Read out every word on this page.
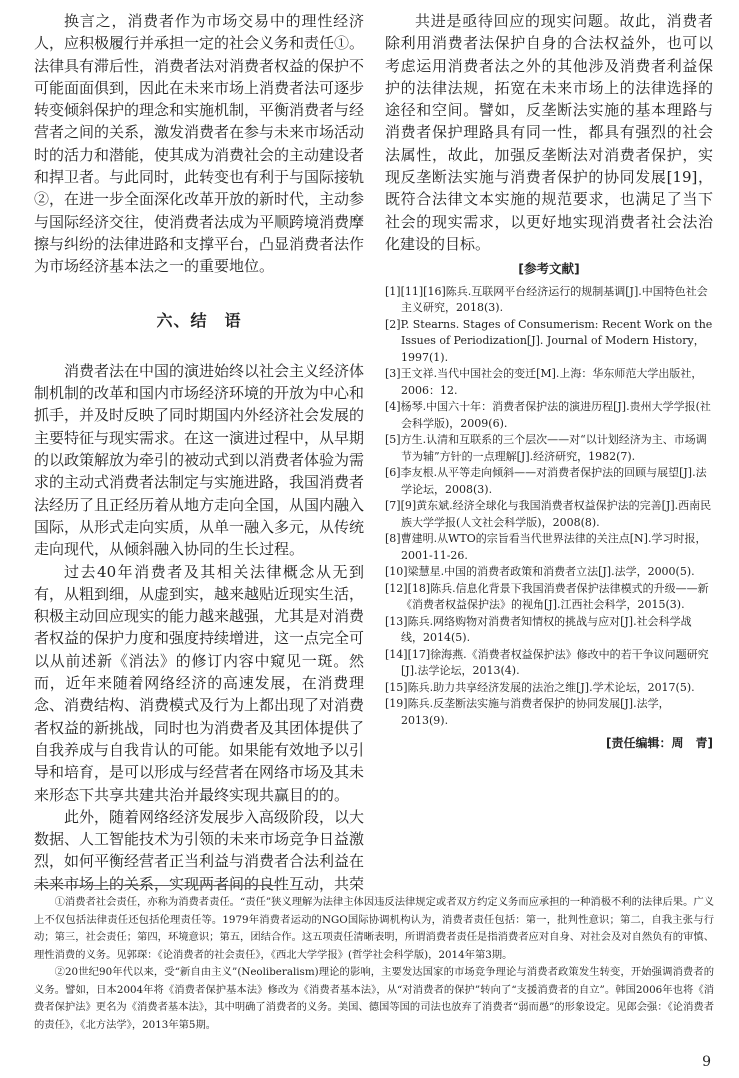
换言之，消费者作为市场交易中的理性经济人，应积极履行并承担一定的社会义务和责任①。法律具有滞后性，消费者法对消费者权益的保护不可能面面俱到，因此在未来市场上消费者法可逐步转变倾斜保护的理念和实施机制，平衡消费者与经营者之间的关系，激发消费者在参与未来市场活动时的活力和潜能，使其成为消费社会的主动建设者和捍卫者。与此同时，此转变也有利于与国际接轨②，在进一步全面深化改革开放的新时代，主动参与国际经济交往，使消费者法成为平顺跨境消费摩擦与纠纷的法律进路和支撑平台，凸显消费者法作为市场经济基本法之一的重要地位。

六、结　语

消费者法在中国的演进始终以社会主义经济体制机制的改革和国内市场经济环境的开放为中心和抓手，并及时反映了同时期国内外经济社会发展的主要特征与现实需求。在这一演进过程中，从早期的以政策解放为牵引的被动式到以消费者体验为需求的主动式消费者法制定与实施进路，我国消费者法经历了且正经历着从地方走向全国，从国内融入国际，从形式走向实质，从单一融入多元，从传统走向现代，从倾斜融入协同的生长过程。

过去40年消费者及其相关法律概念从无到有，从粗到细，从虚到实，越来越贴近现实生活，积极主动回应现实的能力越来越强，尤其是对消费者权益的保护力度和强度持续增进，这一点完全可以从前述新《消法》的修订内容中窥见一斑。然而，近年来随着网络经济的高速发展，在消费理念、消费结构、消费模式及行为上都出现了对消费者权益的新挑战，同时也为消费者及其团体提供了自我养成与自我肯认的可能。如果能有效地予以引导和培育，是可以形成与经营者在网络市场及其未来形态下共享共建共治并最终实现共赢目的的。

此外，随着网络经济发展步入高级阶段，以大数据、人工智能技术为引领的未来市场竞争日益激烈，如何平衡经营者正当利益与消费者合法利益在未来市场上的关系，实现两者间的良性互动，共荣

共进是亟待回应的现实问题。故此，消费者除利用消费者法保护自身的合法权益外，也可以考虑运用消费者法之外的其他涉及消费者利益保护的法律法规，拓宽在未来市场上的法律选择的途径和空间。譬如，反垄断法实施的基本理路与消费者保护理路具有同一性，都具有强烈的社会法属性，故此，加强反垄断法对消费者保护，实现反垄断法实施与消费者保护的协同发展[19]，既符合法律文本实施的规范要求，也满足了当下社会的现实需求，以更好地实现消费者社会法治化建设的目标。

[参考文献]

[1][11][16]陈兵.互联网平台经济运行的规制基调[J].中国特色社会主义研究，2018(3).

[2]P. Stearns. Stages of Consumerism: Recent Work on the Issues of Periodization[J]. Journal of Modern History，1997(1).

[3]王文祥.当代中国社会的变迁[M].上海：华东师范大学出版社，2006：12.

[4]杨琴.中国六十年：消费者保护法的演进历程[J].贵州大学学报(社会科学版)，2009(6).

[5]方生.认清和互联系的三个层次——对“以计划经济为主、市场调节为辅”方针的一点理解[J].经济研究，1982(7).

[6]李友根.从平等走向倾斜——对消费者保护法的回顾与展望[J].法学论坛，2008(3).

[7][9]黄东斌.经济全球化与我国消费者权益保护法的完善[J].西南民族大学学报(人文社会科学版)，2008(8).

[8]曹建明.从WTO的宗旨看当代世界法律的关注点[N].学习时报，2001-11-26.

[10]梁慧星.中国的消费者政策和消费者立法[J].法学，2000(5).

[12][18]陈兵.信息化背景下我国消费者保护法律模式的升级——新《消费者权益保护法》的视角[J].江西社会科学，2015(3).

[13]陈兵.网络购物对消费者知情权的挑战与应对[J].社会科学战线，2014(5).

[14][17]徐海燕.《消费者权益保护法》修改中的若干争议问题研究[J].法学论坛，2013(4).

[15]陈兵.助力共享经济发展的法治之维[J].学术论坛，2017(5).

[19]陈兵.反垄断法实施与消费者保护的协同发展[J].法学，2013(9).

[责任编辑：周　青]

①消费者社会责任，亦称为消费者责任。“责任”狭义理解为法律主体因违反法律规定或者双方约定义务而应承担的一种消极不利的法律后果。广义上不仅包括法律责任还包括伦理责任等。1979年消费者运动的NGO国际协调机构认为，消费者责任包括：第一，批判性意识；第二，自我主张与行动；第三，社会责任；第四，环境意识；第五，团结合作。这五项责任清晰表明，所谓消费者责任是指消费者应对自身、对社会及对自然负有的审慎、理性消费的义务。见郭琛：《论消费者的社会责任》，《西北大学学报》(哲学社会科学版)，2014年第3期。

②20世纪90年代以来，受“新自由主义”(Neoliberalism)理论的影响，主要发达国家的市场竞争理论与消费者政策发生转变，开始强调消费者的义务。譬如，日本2004年将《消费者保护基本法》修改为《消费者基本法》，从“对消费者的保护”转向了“支援消费者的自立”。韩国2006年也将《消费者保护法》更名为《消费者基本法》，其中明确了消费者的义务。美国、德国等国的司法也放弃了消费者“弱而愚”的形象设定。见郎会强：《论消费者的责任》，《北方法学》，2013年第5期。

9
